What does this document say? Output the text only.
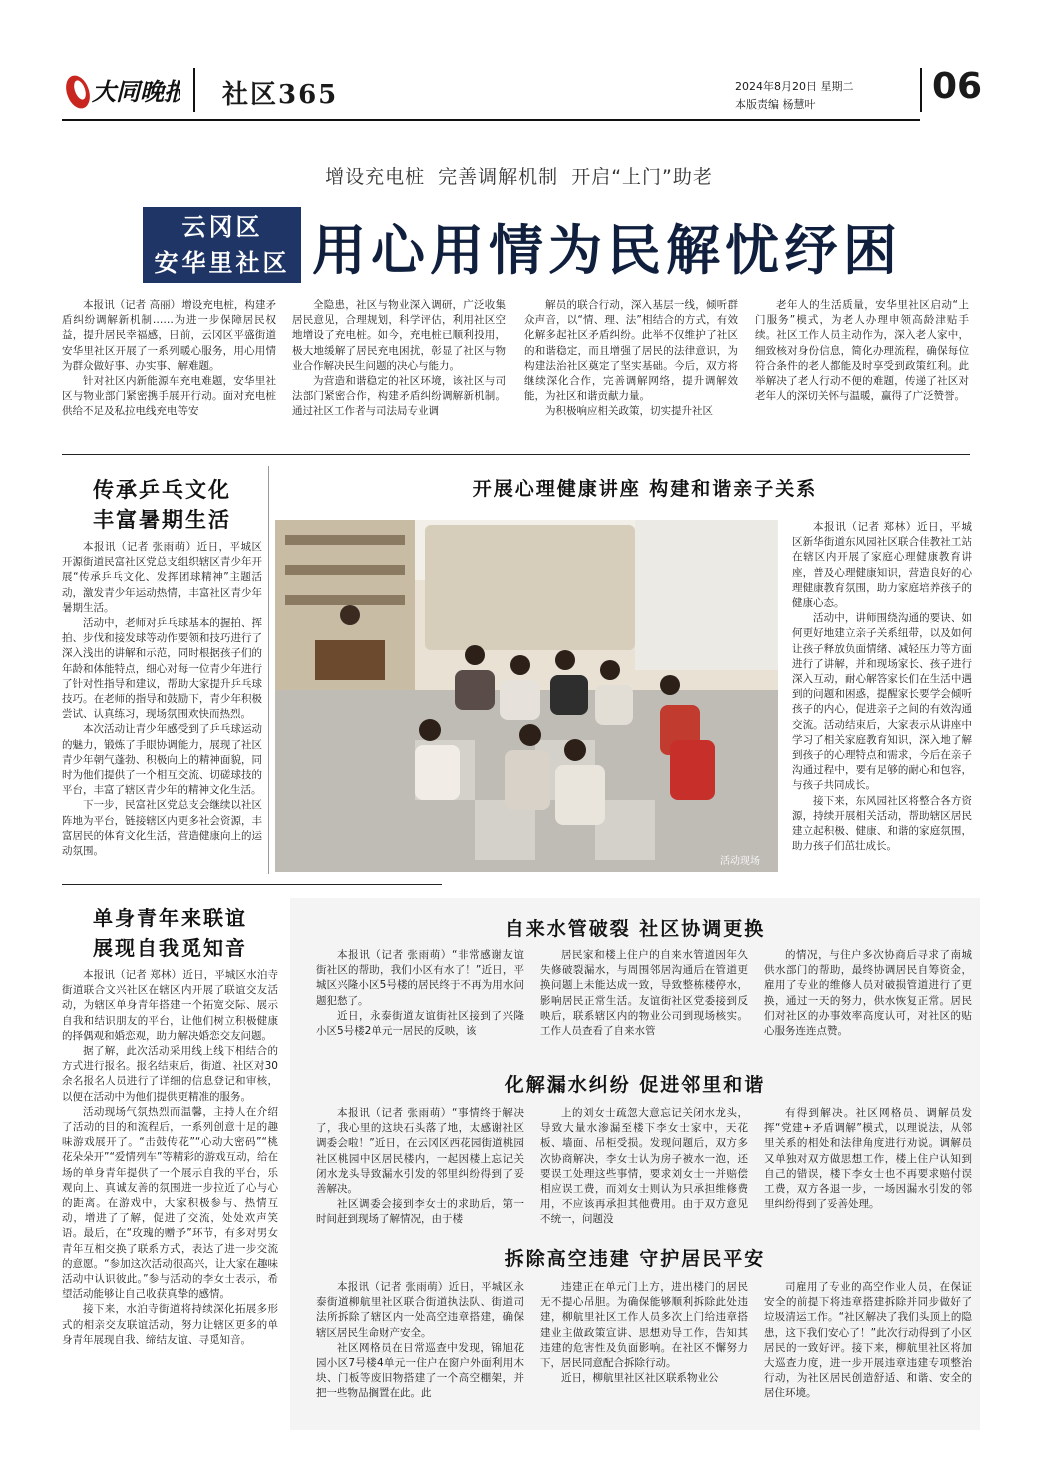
大同晚报 社区365	2024年8月20日 星期二
本版责编 杨慧叶	06
增设充电桩 完善调解机制 开启“上门”助老
云冈区
安华里社区 用心用情为民解忧纾困

本报讯（记者 高丽）增设充电桩，构建矛盾纠纷调解新机制……为进一步保障居民权益，提升居民幸福感，日前，云冈区平盛街道安华里社区开展了一系列暖心服务，用心用情为群众做好事、办实事、解难题。

针对社区内新能源车充电难题，安华里社区与物业部门紧密携手展开行动。面对充电桩供给不足及私拉电线充电等安

全隐患，社区与物业深入调研，广泛收集居民意见，合理规划，科学评估，利用社区空地增设了充电桩。如今，充电桩已顺利投用，极大地缓解了居民充电困扰，彰显了社区与物业合作解决民生问题的决心与能力。

为营造和谐稳定的社区环境，该社区与司法部门紧密合作，构建矛盾纠纷调解新机制。通过社区工作者与司法局专业调

解员的联合行动，深入基层一线，倾听群众声音，以“情、理、法”相结合的方式，有效化解多起社区矛盾纠纷。此举不仅维护了社区的和谐稳定，而且增强了居民的法律意识，为构建法治社区奠定了坚实基础。今后，双方将继续深化合作，完善调解网络，提升调解效能，为社区和谐贡献力量。

为积极响应相关政策，切实提升社区

老年人的生活质量，安华里社区启动“上门服务”模式，为老人办理申领高龄津贴手续。社区工作人员主动作为，深入老人家中，细致核对身份信息，简化办理流程，确保每位符合条件的老人都能及时享受到政策红利。此举解决了老人行动不便的难题，传递了社区对老年人的深切关怀与温暖，赢得了广泛赞誉。

传承乒乓文化
丰富暑期生活

本报讯（记者 张雨萌）近日，平城区开源街道民富社区党总支组织辖区青少年开展“传承乒乓文化、发挥团球精神”主题活动，激发青少年运动热情，丰富社区青少年暑期生活。

活动中，老师对乒乓球基本的握拍、挥拍、步伐和接发球等动作要领和技巧进行了深入浅出的讲解和示范，同时根据孩子们的年龄和体能特点，细心对每一位青少年进行了针对性指导和建议，帮助大家提升乒乓球技巧。在老师的指导和鼓励下，青少年积极尝试、认真练习，现场氛围欢快而热烈。

本次活动让青少年感受到了乒乓球运动的魅力，锻炼了手眼协调能力，展现了社区青少年朝气蓬勃、积极向上的精神面貌，同时为他们提供了一个相互交流、切磋球技的平台，丰富了辖区青少年的精神文化生活。

下一步，民富社区党总支会继续以社区阵地为平台，链接辖区内更多社会资源，丰富居民的体育文化生活，营造健康向上的运动氛围。

开展心理健康讲座 构建和谐亲子关系
活动现场

本报讯（记者 郑林）近日，平城区新华街道东风园社区联合佳教社工站在辖区内开展了家庭心理健康教育讲座，普及心理健康知识，营造良好的心理健康教育氛围，助力家庭培养孩子的健康心态。

活动中，讲师围绕沟通的要诀、如何更好地建立亲子关系纽带，以及如何让孩子释放负面情绪、减轻压力等方面进行了讲解，并和现场家长、孩子进行深入互动，耐心解答家长们在生活中遇到的问题和困惑，提醒家长要学会倾听孩子的内心，促进亲子之间的有效沟通交流。活动结束后，大家表示从讲座中学习了相关家庭教育知识，深入地了解到孩子的心理特点和需求，今后在亲子沟通过程中，要有足够的耐心和包容，与孩子共同成长。

接下来，东风园社区将整合各方资源，持续开展相关活动，帮助辖区居民建立起积极、健康、和谐的家庭氛围，助力孩子们茁壮成长。

单身青年来联谊
展现自我觅知音

本报讯（记者 郑林）近日，平城区水泊寺街道联合文兴社区在辖区内开展了联谊交友活动，为辖区单身青年搭建一个拓宽交际、展示自我和结识朋友的平台，让他们树立积极健康的择偶观和婚恋观，助力解决婚恋交友问题。

据了解，此次活动采用线上线下相结合的方式进行报名。报名结束后，街道、社区对30余名报名人员进行了详细的信息登记和审核，以便在活动中为他们提供更精准的服务。

活动现场气氛热烈而温馨，主持人在介绍了活动的目的和流程后，一系列创意十足的趣味游戏展开了。“击鼓传花”“心动大密码”“桃花朵朵开”“爱情列车”等精彩的游戏互动，给在场的单身青年提供了一个展示自我的平台，乐观向上、真诚友善的氛围进一步拉近了心与心的距离。在游戏中，大家积极参与、热情互动，增进了了解，促进了交流，处处欢声笑语。最后，在“玫瑰的赠予”环节，有多对男女青年互相交换了联系方式，表达了进一步交流的意愿。“参加这次活动很高兴，让大家在趣味活动中认识彼此。”参与活动的李女士表示，希望活动能够让自己收获真挚的感情。

接下来，水泊寺街道将持续深化拓展多形式的相亲交友联谊活动，努力让辖区更多的单身青年展现自我、缔结友谊、寻觅知音。

自来水管破裂 社区协调更换

本报讯（记者 张雨萌）“非常感谢友谊街社区的帮助，我们小区有水了！”近日，平城区兴隆小区5号楼的居民终于不再为用水问题犯愁了。

近日，永泰街道友谊街社区接到了兴隆小区5号楼2单元一居民的反映，该

居民家和楼上住户的自来水管道因年久失修破裂漏水，与周围邻居沟通后在管道更换问题上未能达成一致，导致整栋楼停水，影响居民正常生活。友谊街社区党委接到反映后，联系辖区内的物业公司到现场核实。工作人员查看了自来水管

的情况，与住户多次协商后寻求了南城供水部门的帮助，最终协调居民自筹资金，雇用了专业的维修人员对破损管道进行了更换，通过一天的努力，供水恢复正常。居民们对社区的办事效率高度认可，对社区的贴心服务连连点赞。

化解漏水纠纷 促进邻里和谐

本报讯（记者 张雨萌）“事情终于解决了，我心里的这块石头落了地，太感谢社区调委会啦！”近日，在云冈区西花园街道桃园社区桃园中区居民楼内，一起因楼上忘记关闭水龙头导致漏水引发的邻里纠纷得到了妥善解决。

社区调委会接到李女士的求助后，第一时间赶到现场了解情况，由于楼

上的刘女士疏忽大意忘记关闭水龙头，导致大量水渗漏至楼下李女士家中，天花板、墙面、吊柜受损。发现问题后，双方多次协商解决，李女士认为房子被水一泡，还要误工处理这些事情，要求刘女士一并赔偿相应误工费，而刘女士则认为只承担维修费用，不应该再承担其他费用。由于双方意见不统一，问题没

有得到解决。社区网格员、调解员发挥“党建+矛盾调解”模式，以理说法，从邻里关系的相处和法律角度进行劝说。调解员又单独对双方做思想工作，楼上住户认知到自己的错误，楼下李女士也不再要求赔付误工费，双方各退一步，一场因漏水引发的邻里纠纷得到了妥善处理。

拆除高空违建 守护居民平安

本报讯（记者 张雨萌）近日，平城区永泰街道柳航里社区联合街道执法队、街道司法所拆除了辖区内一处高空违章搭建，确保辖区居民生命财产安全。

社区网格员在日常巡查中发现，锦旭花园小区7号楼4单元一住户在窗户外面利用木块、门板等废旧物搭建了一个高空棚架，并把一些物品搁置在此。此

违建正在单元门上方，进出楼门的居民无不提心吊胆。为确保能够顺利拆除此处违建，柳航里社区工作人员多次上门给违章搭建业主做政策宣讲、思想劝导工作，告知其违建的危害性及负面影响。在社区不懈努力下，居民同意配合拆除行动。

近日，柳航里社区社区联系物业公

司雇用了专业的高空作业人员，在保证安全的前提下将违章搭建拆除并同步做好了垃圾清运工作。“社区解决了我们头顶上的隐患，这下我们安心了！”此次行动得到了小区居民的一致好评。接下来，柳航里社区将加大巡查力度，进一步开展违章违建专项整治行动，为社区居民创造舒适、和谐、安全的居住环境。
